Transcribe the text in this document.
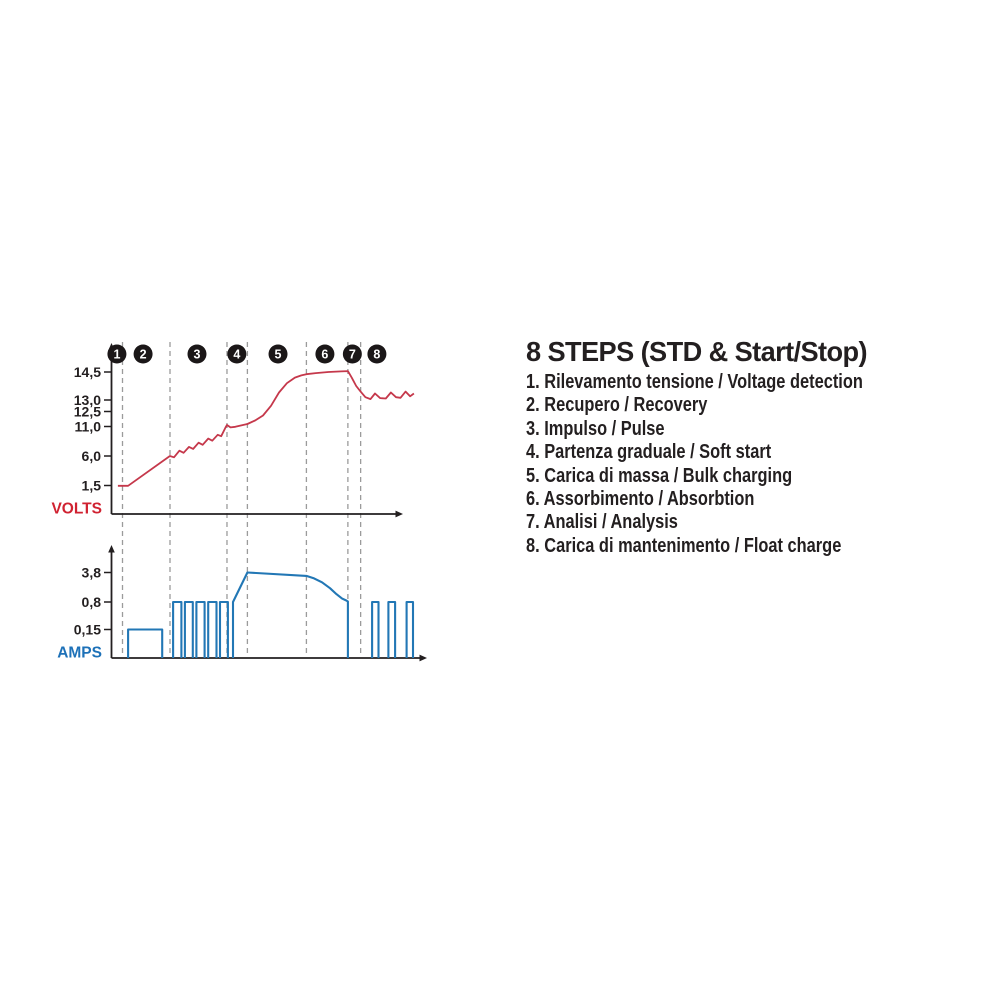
14,5
13,0
12,5
11,0
6,0
1,5
VOLTS
3,8
0,8
0,15
AMPS
1 2	3	4	5	6 7 8	8 STEPS (STD & Start/Stop)
1. Rilevamento tensione / Voltage detection
2. Recupero / Recovery
3. Impulso / Pulse
4. Partenza graduale / Soft start
5. Carica di massa / Bulk charging
6. Assorbimento / Absorbtion
7. Analisi / Analysis
8. Carica di mantenimento / Float charge
